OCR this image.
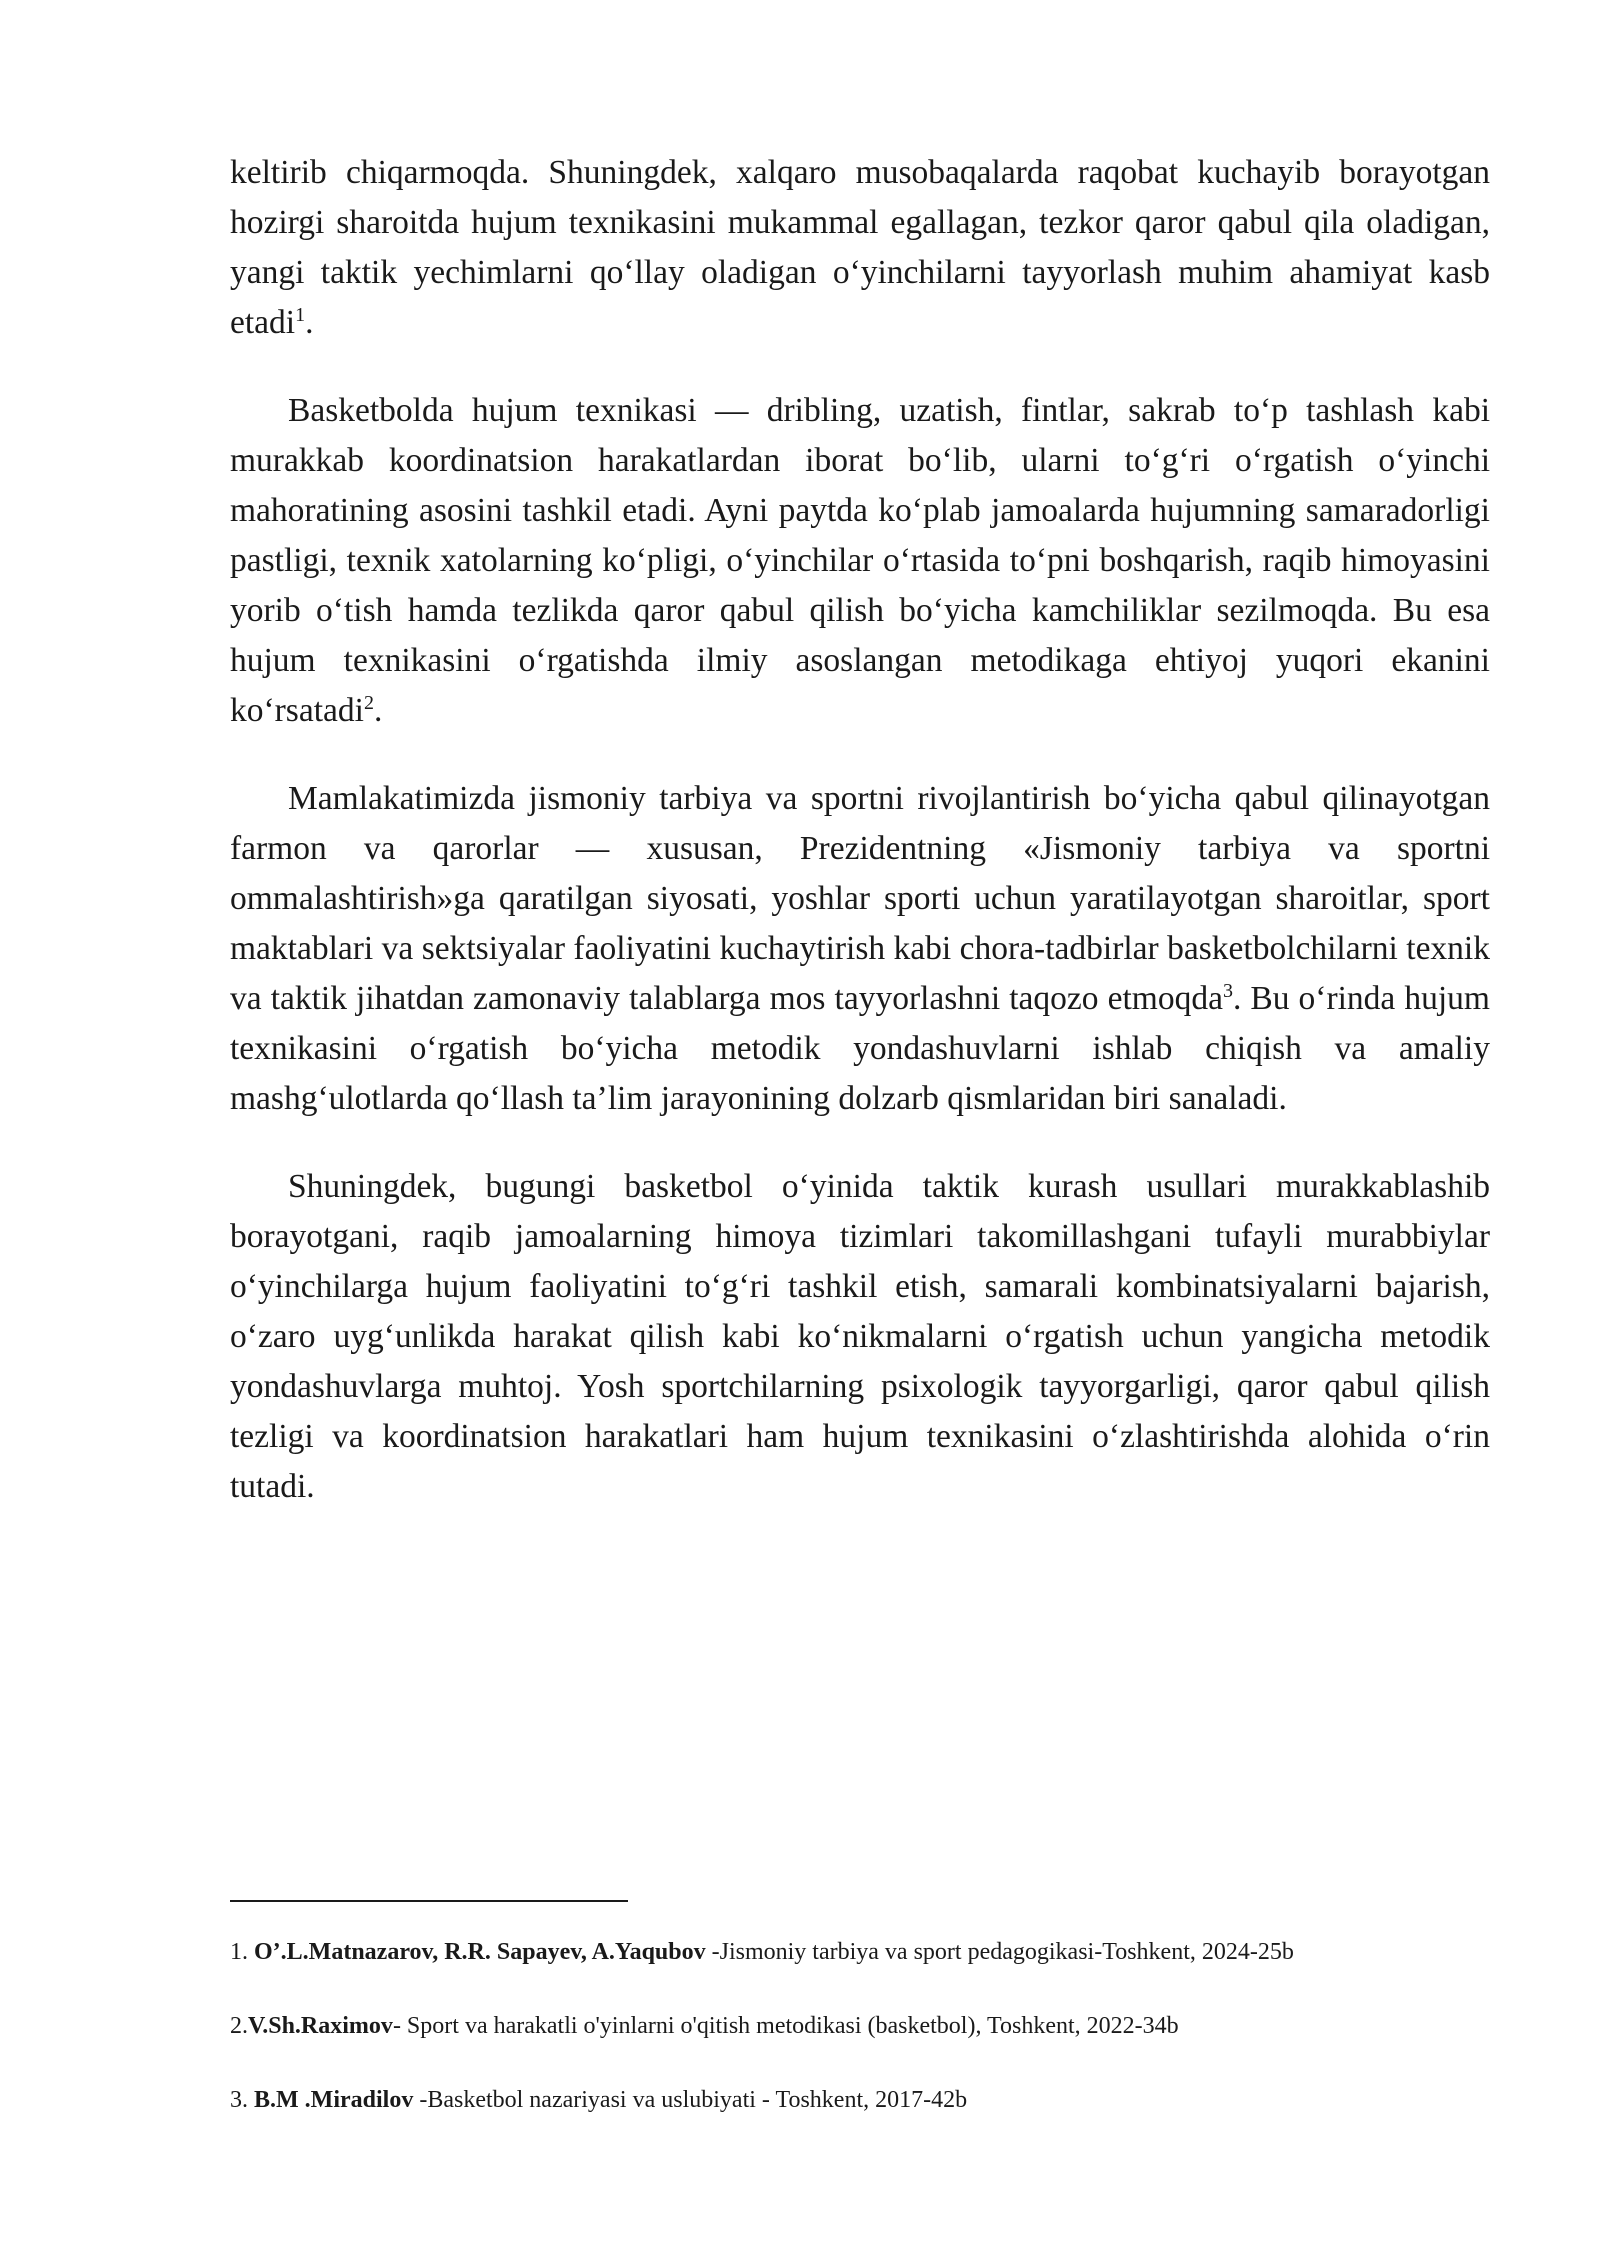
keltirib chiqarmoqda. Shuningdek, xalqaro musobaqalarda raqobat kuchayib borayotgan hozirgi sharoitda hujum texnikasini mukammal egallagan, tezkor qaror qabul qila oladigan, yangi taktik yechimlarni qo‘llay oladigan o‘yinchilarni tayyorlash muhim ahamiyat kasb etadi$^1$.

Basketbolda hujum texnikasi — dribling, uzatish, fintlar, sakrab to‘p tashlash kabi murakkab koordinatsion harakatlardan iborat bo‘lib, ularni to‘g‘ri o‘rgatish o‘yinchi mahoratining asosini tashkil etadi. Ayni paytda ko‘plab jamoalarda hujumning samaradorligi pastligi, texnik xatolarning ko‘pligi, o‘yinchilar o‘rtasida to‘pni boshqarish, raqib himoyasini yorib o‘tish hamda tezlikda qaror qabul qilish bo‘yicha kamchiliklar sezilmoqda. Bu esa hujum texnikasini o‘rgatishda ilmiy asoslangan metodikaga ehtiyoj yuqori ekanini ko‘rsatadi$^2$.

Mamlakatimizda jismoniy tarbiya va sportni rivojlantirish bo‘yicha qabul qilinayotgan farmon va qarorlar — xususan, Prezidentning «Jismoniy tarbiya va sportni ommalashtirish»ga qaratilgan siyosati, yoshlar sporti uchun yaratilayotgan sharoitlar, sport maktablari va sektsiyalar faoliyatini kuchaytirish kabi chora-tadbirlar basketbolchilarni texnik va taktik jihatdan zamonaviy talablarga mos tayyorlashni taqozo etmoqda$^3$. Bu o‘rinda hujum texnikasini o‘rgatish bo‘yicha metodik yondashuvlarni ishlab chiqish va amaliy mashg‘ulotlarda qo‘llash ta’lim jarayonining dolzarb qismlaridan biri sanaladi.

Shuningdek, bugungi basketbol o‘yinida taktik kurash usullari murakkablashib borayotgani, raqib jamoalarning himoya tizimlari takomillashgani tufayli murabbiylar o‘yinchilarga hujum faoliyatini to‘g‘ri tashkil etish, samarali kombinatsiyalarni bajarish, o‘zaro uyg‘unlikda harakat qilish kabi ko‘nikmalarni o‘rgatish uchun yangicha metodik yondashuvlarga muhtoj. Yosh sportchilarning psixologik tayyorgarligi, qaror qabul qilish tezligi va koordinatsion harakatlari ham hujum texnikasini o‘zlashtirishda alohida o‘rin tutadi.

1. O’.L.Matnazarov, R.R. Sapayev, A.Yaqubov -Jismoniy tarbiya va sport pedagogikasi-Toshkent, 2024-25b
2.V.Sh.Raximov- Sport va harakatli o'yinlarni o'qitish metodikasi (basketbol), Toshkent, 2022-34b
3. B.M .Miradilov -Basketbol nazariyasi va uslubiyati - Toshkent, 2017-42b
